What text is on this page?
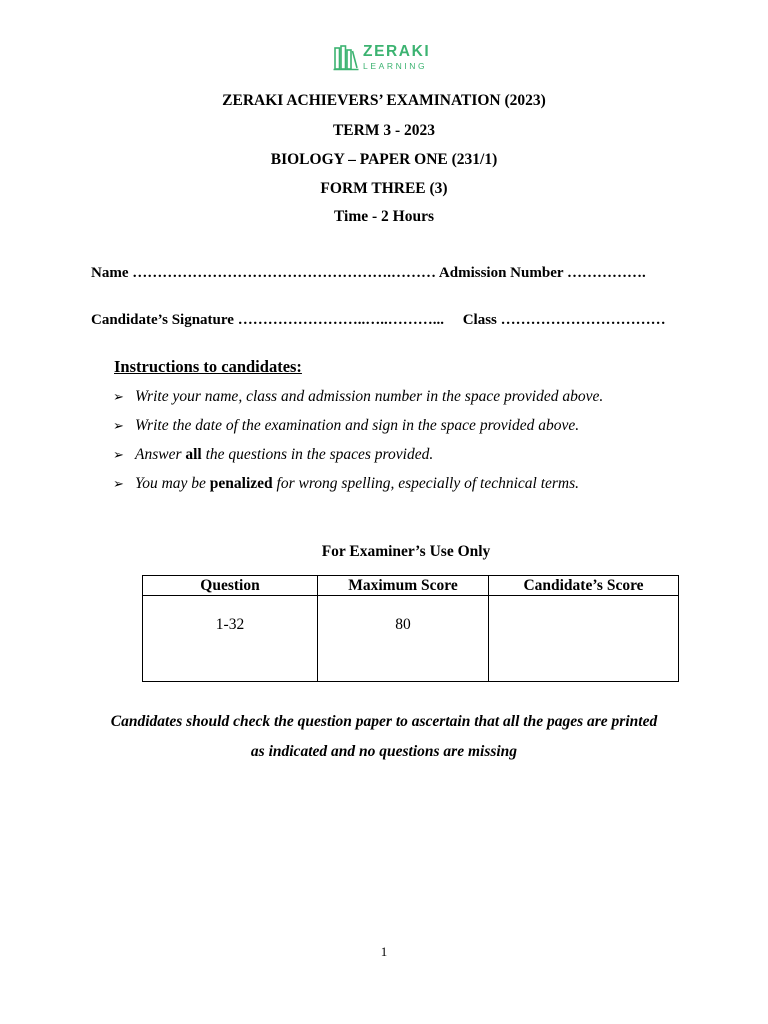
ZERAKI
LEARNING
ZERAKI ACHIEVERS’ EXAMINATION (2023)
TERM 3 - 2023
BIOLOGY – PAPER ONE (231/1)
FORM THREE (3)
Time - 2 Hours
Name …………………………………………….……… Admission Number …………….
Candidate’s Signature ……………………..…..………...     Class ……………………………
Instructions to candidates:
➢ Write your name, class and admission number in the space provided above.
➢ Write the date of the examination and sign in the space provided above.
➢ Answer all the questions in the spaces provided.
➢ You may be penalized for wrong spelling, especially of technical terms.
For Examiner’s Use Only
Question	Maximum Score	Candidate’s Score
1-32	80	
Candidates should check the question paper to ascertain that all the pages are printed
as indicated and no questions are missing
1
